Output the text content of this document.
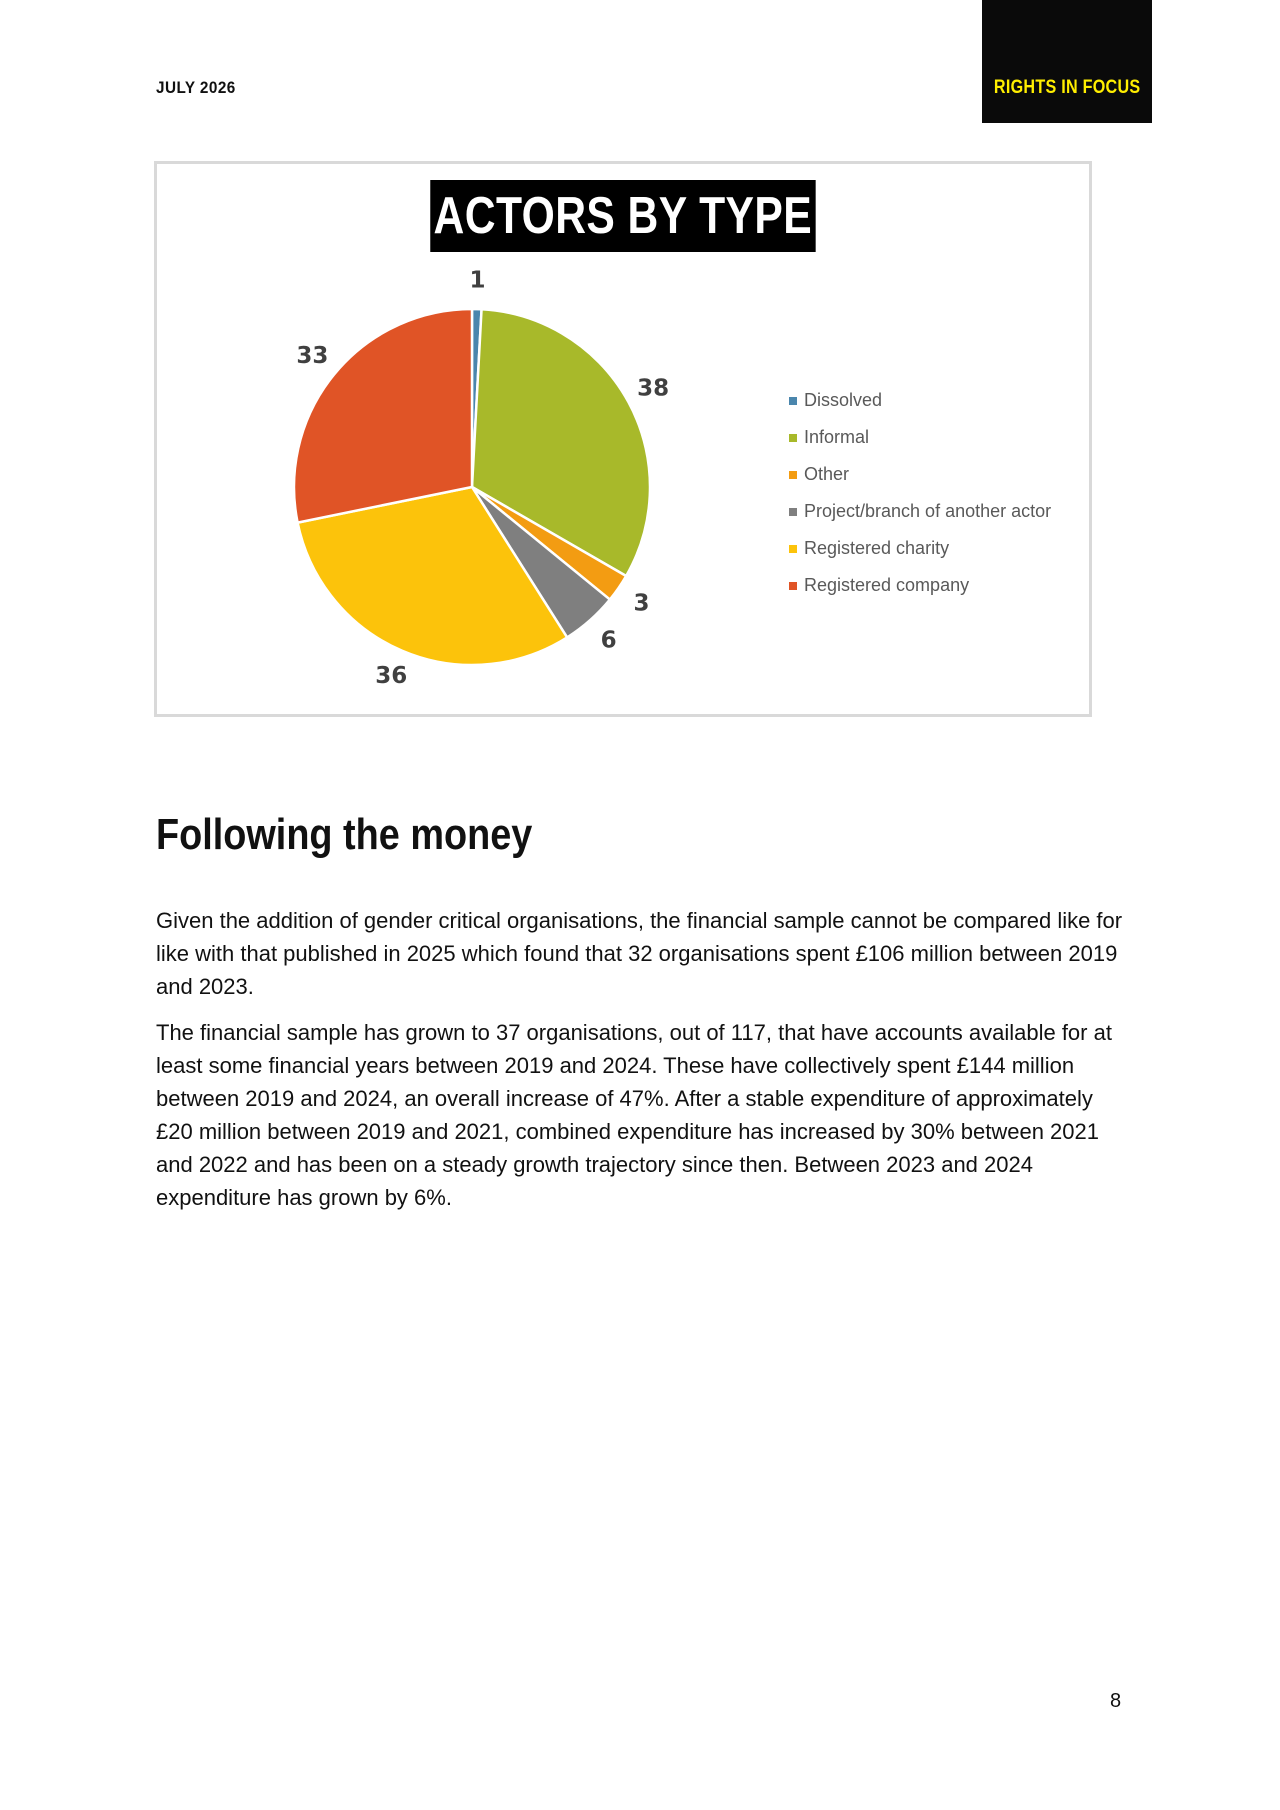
JULY 2026	RIGHTS IN FOCUS
ACTORS BY TYPE
1
38
3
6
36
33
Dissolved
Informal
Other
Project/branch of another actor
Registered charity
Registered company
Following the money

Given the addition of gender critical organisations, the financial sample cannot be compared like for like with that published in 2025 which found that 32 organisations spent £106 million between 2019 and 2023.

The financial sample has grown to 37 organisations, out of 117, that have accounts available for at least some financial years between 2019 and 2024. These have collectively spent £144 million between 2019 and 2024, an overall increase of 47%. After a stable expenditure of approximately £20 million between 2019 and 2021, combined expenditure has increased by 30% between 2021 and 2022 and has been on a steady growth trajectory since then. Between 2023 and 2024 expenditure has grown by 6%.

8
